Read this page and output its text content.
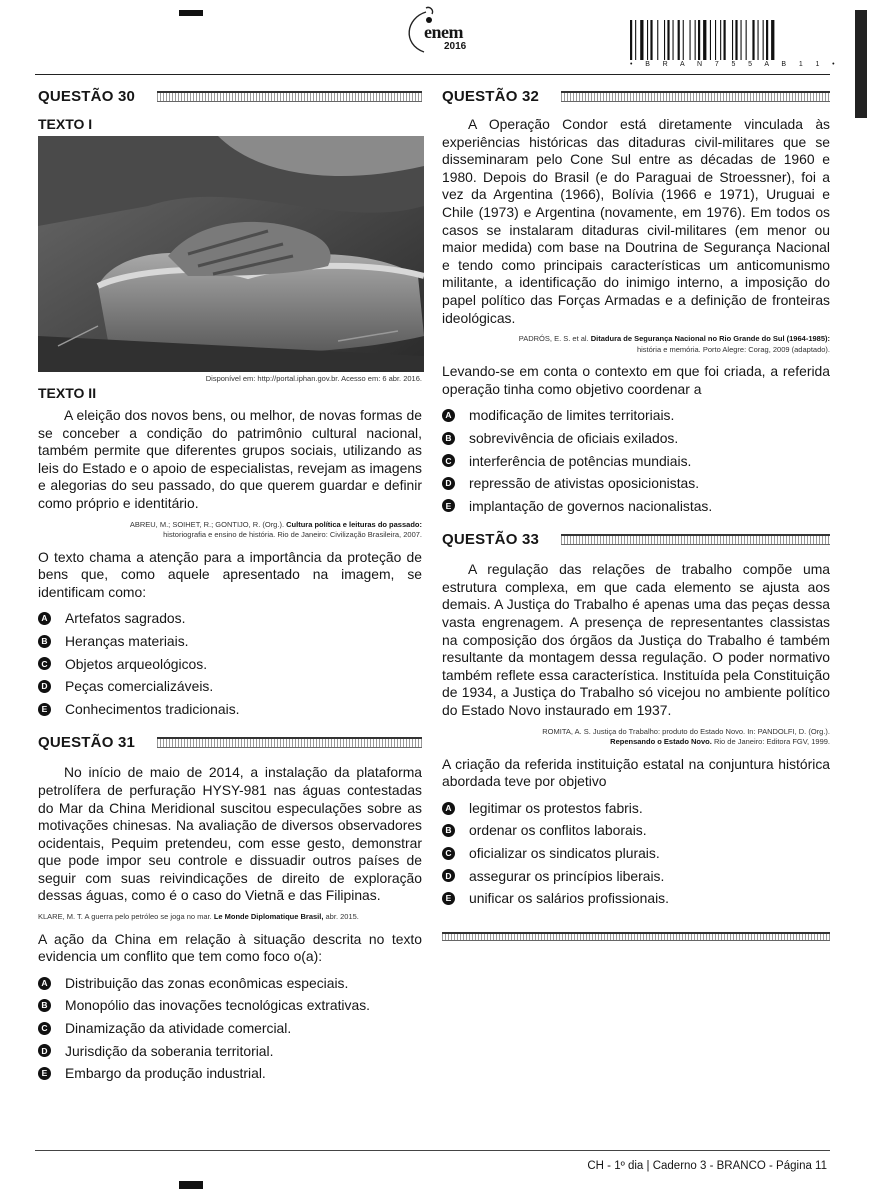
enem
2016
• B R A N 7 5 5 A B 1 1 •
QUESTÃO 30
TEXTO I
Disponível em: http://portal.iphan.gov.br. Acesso em: 6 abr. 2016.
TEXTO II

A eleição dos novos bens, ou melhor, de novas formas de se conceber a condição do patrimônio cultural nacional, também permite que diferentes grupos sociais, utilizando as leis do Estado e o apoio de especialistas, revejam as imagens e alegorias do seu passado, do que querem guardar e definir como próprio e identitário.

ABREU, M.; SOIHET, R.; GONTIJO, R. (Org.). Cultura política e leituras do passado:
historiografia e ensino de história. Rio de Janeiro: Civilização Brasileira, 2007.

O texto chama a atenção para a importância da proteção de bens que, como aquele apresentado na imagem, se identificam como:

A Artefatos sagrados.
B Heranças materiais.
C Objetos arqueológicos.
D Peças comercializáveis.
E Conhecimentos tradicionais.
QUESTÃO 31

No início de maio de 2014, a instalação da plataforma petrolífera de perfuração HYSY-981 nas águas contestadas do Mar da China Meridional suscitou especulações sobre as motivações chinesas. Na avaliação de diversos observadores ocidentais, Pequim pretendeu, com esse gesto, demonstrar que pode impor seu controle e dissuadir outros países de seguir com suas reivindicações de direito de exploração dessas águas, como é o caso do Vietnã e das Filipinas.

KLARE, M. T. A guerra pelo petróleo se joga no mar. Le Monde Diplomatique Brasil, abr. 2015.

A ação da China em relação à situação descrita no texto evidencia um conflito que tem como foco o(a):

A Distribuição das zonas econômicas especiais.
B Monopólio das inovações tecnológicas extrativas.
C Dinamização da atividade comercial.
D Jurisdição da soberania territorial.
E Embargo da produção industrial.
QUESTÃO 32

A Operação Condor está diretamente vinculada às experiências históricas das ditaduras civil-militares que se disseminaram pelo Cone Sul entre as décadas de 1960 e 1980. Depois do Brasil (e do Paraguai de Stroessner), foi a vez da Argentina (1966), Bolívia (1966 e 1971), Uruguai e Chile (1973) e Argentina (novamente, em 1976). Em todos os casos se instalaram ditaduras civil-militares (em menor ou maior medida) com base na Doutrina de Segurança Nacional e tendo como principais características um anticomunismo militante, a identificação do inimigo interno, a imposição do papel político das Forças Armadas e a definição de fronteiras ideológicas.

PADRÓS, E. S. et al. Ditadura de Segurança Nacional no Rio Grande do Sul (1964-1985):
história e memória. Porto Alegre: Corag, 2009 (adaptado).

Levando-se em conta o contexto em que foi criada, a referida operação tinha como objetivo coordenar a

A modificação de limites territoriais.
B sobrevivência de oficiais exilados.
C interferência de potências mundiais.
D repressão de ativistas oposicionistas.
E implantação de governos nacionalistas.
QUESTÃO 33

A regulação das relações de trabalho compõe uma estrutura complexa, em que cada elemento se ajusta aos demais. A Justiça do Trabalho é apenas uma das peças dessa vasta engrenagem. A presença de representantes classistas na composição dos órgãos da Justiça do Trabalho é também resultante da montagem dessa regulação. O poder normativo também reflete essa característica. Instituída pela Constituição de 1934, a Justiça do Trabalho só vicejou no ambiente político do Estado Novo instaurado em 1937.

ROMITA, A. S. Justiça do Trabalho: produto do Estado Novo. In: PANDOLFI, D. (Org.).
Repensando o Estado Novo. Rio de Janeiro: Editora FGV, 1999.

A criação da referida instituição estatal na conjuntura histórica abordada teve por objetivo

A legitimar os protestos fabris.
B ordenar os conflitos laborais.
C oficializar os sindicatos plurais.
D assegurar os princípios liberais.
E unificar os salários profissionais.
CH - 1º dia | Caderno 3 - BRANCO - Página 11
